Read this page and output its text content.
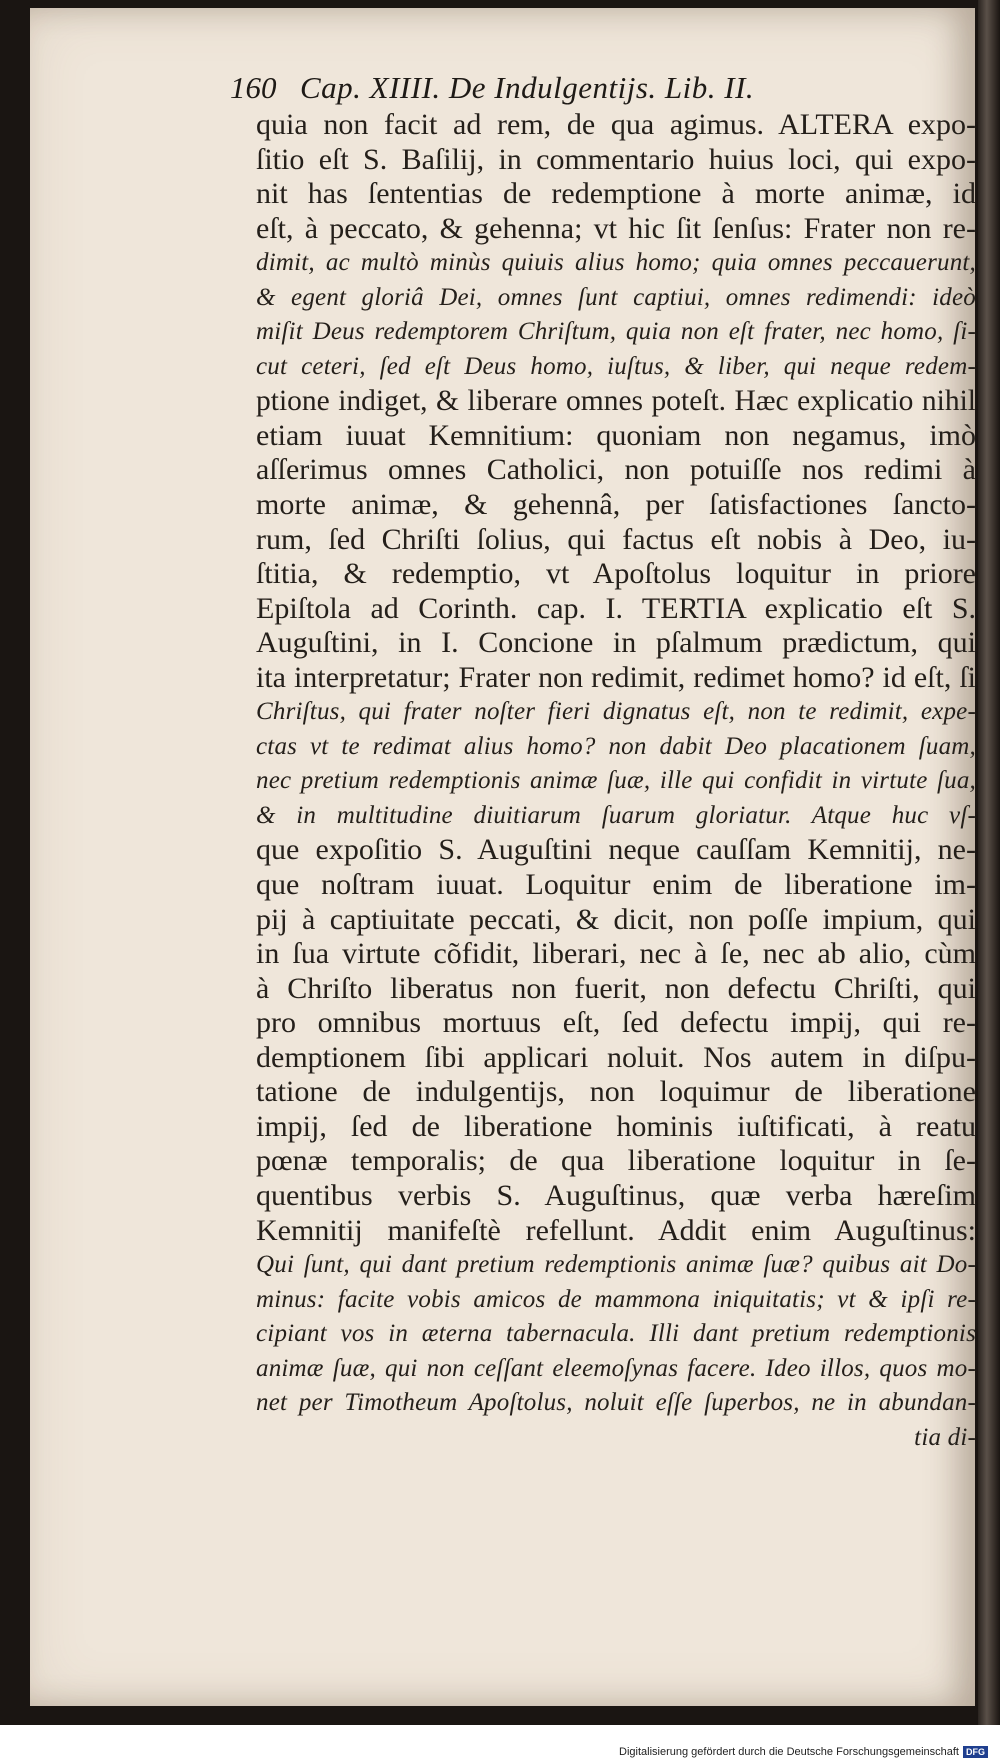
160 Cap. XIIII. De Indulgentijs. Lib. II.
quia non facit ad rem, de qua agimus. ALTERA expo-
ſitio eſt S. Baſilij, in commentario huius loci, qui expo-
nit has ſententias de redemptione à morte animæ, id
eſt, à peccato, & gehenna; vt hic ſit ſenſus: Frater non re-
dimit, ac multò minùs quiuis alius homo; quia omnes peccauerunt,
& egent gloriâ Dei, omnes ſunt captiui, omnes redimendi: ideò
miſit Deus redemptorem Chriſtum, quia non eſt frater, nec homo, ſi-
cut ceteri, ſed eſt Deus homo, iuſtus, & liber, qui neque redem-
ptione indiget, & liberare omnes poteſt. Hæc explicatio nihil
etiam iuuat Kemnitium: quoniam non negamus, imò
aſſerimus omnes Catholici, non potuiſſe nos redimi à
morte animæ, & gehennâ, per ſatisfactiones ſancto-
rum, ſed Chriſti ſolius, qui factus eſt nobis à Deo, iu-
ſtitia, & redemptio, vt Apoſtolus loquitur in priore
Epiſtola ad Corinth. cap. I. TERTIA explicatio eſt S.
Auguſtini, in I. Concione in pſalmum prædictum, qui
ita interpretatur; Frater non redimit, redimet homo? id eſt, ſi
Chriſtus, qui frater noſter fieri dignatus eſt, non te redimit, expe-
ctas vt te redimat alius homo? non dabit Deo placationem ſuam,
nec pretium redemptionis animæ ſuæ, ille qui confidit in virtute ſua,
& in multitudine diuitiarum ſuarum gloriatur. Atque huc vſ-
que expoſitio S. Auguſtini neque cauſſam Kemnitij, ne-
que noſtram iuuat. Loquitur enim de liberatione im-
pij à captiuitate peccati, & dicit, non poſſe impium, qui
in ſua virtute cõfidit, liberari, nec à ſe, nec ab alio, cùm
à Chriſto liberatus non fuerit, non defectu Chriſti, qui
pro omnibus mortuus eſt, ſed defectu impij, qui re-
demptionem ſibi applicari noluit. Nos autem in diſpu-
tatione de indulgentijs, non loquimur de liberatione
impij, ſed de liberatione hominis iuſtificati, à reatu
pœnæ temporalis; de qua liberatione loquitur in ſe-
quentibus verbis S. Auguſtinus, quæ verba hæreſim
Kemnitij manifeſtè refellunt. Addit enim Auguſtinus:
Qui ſunt, qui dant pretium redemptionis animæ ſuæ? quibus ait Do-
minus: facite vobis amicos de mammona iniquitatis; vt & ipſi re-
cipiant vos in æterna tabernacula. Illi dant pretium redemptionis
animæ ſuæ, qui non ceſſant eleemoſynas facere. Ideo illos, quos mo-
net per Timotheum Apoſtolus, noluit eſſe ſuperbos, ne in abundan-
tia di-
Digitalisierung gefördert durch die Deutsche Forschungsgemeinschaft DFG
